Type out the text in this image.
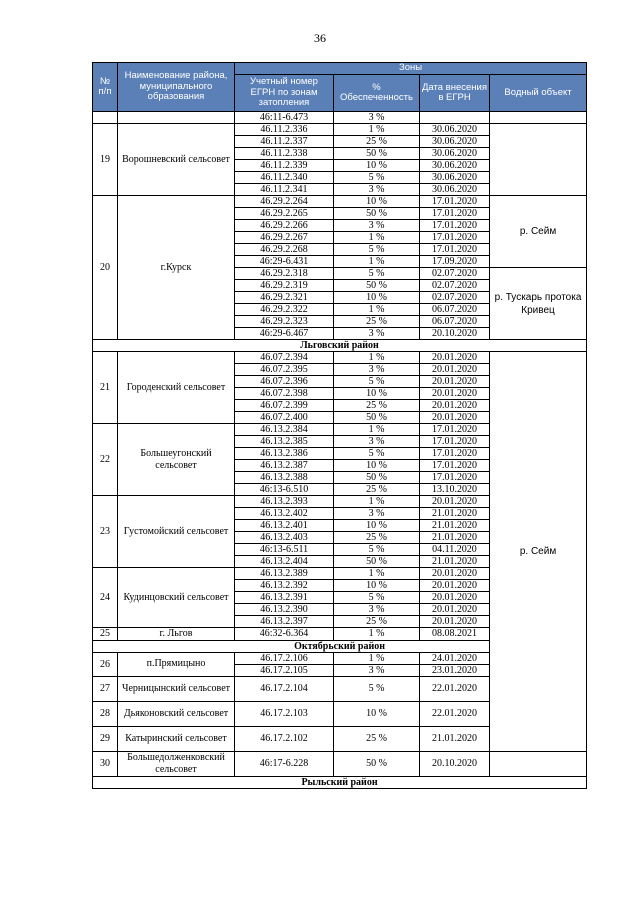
36
№ п/п	Наименование района, муниципального образования	Зоны				
		Учетный номер ЕГРН по зонам затопления	% Обеспеченность	Дата внесения в ЕГРН	Водный объект	
		46:11-6.473	3 %			
19	Ворошневский сельсовет	46.11.2.336	1 %	30.06.2020		
		46.11.2.337	25 %	30.06.2020		
		46.11.2.338	50 %	30.06.2020		
		46.11.2.339	10 %	30.06.2020		
		46.11.2.340	5 %	30.06.2020		
		46.11.2.341	3 %	30.06.2020		
20	г.Курск	46.29.2.264	10 %	17.01.2020	р. Сейм	
		46.29.2.265	50 %	17.01.2020		
		46.29.2.266	3 %	17.01.2020		
		46.29.2.267	1 %	17.01.2020		
		46.29.2.268	5 %	17.01.2020		
		46:29-6.431	1 %	17.09.2020		
		46.29.2.318	5 %	02.07.2020	р. Тускарь протока Кривец	
		46.29.2.319	50 %	02.07.2020		
		46.29.2.321	10 %	02.07.2020		
		46.29.2.322	1 %	06.07.2020		
		46.29.2.323	25 %	06.07.2020		
		46:29-6.467	3 %	20.10.2020		
Льговский район						
21	Городенский сельсовет	46.07.2.394	1 %	20.01.2020	р. Сейм	
		46.07.2.395	3 %	20.01.2020		
		46.07.2.396	5 %	20.01.2020		
		46.07.2.398	10 %	20.01.2020		
		46.07.2.399	25 %	20.01.2020		
		46.07.2.400	50 %	20.01.2020		
22	Большеугонский сельсовет	46.13.2.384	1 %	17.01.2020		
		46.13.2.385	3 %	17.01.2020		
		46.13.2.386	5 %	17.01.2020		
		46.13.2.387	10 %	17.01.2020		
		46.13.2.388	50 %	17.01.2020		
		46:13-6.510	25 %	13.10.2020		
23	Густомойский сельсовет	46.13.2.393	1 %	20.01.2020		
		46.13.2.402	3 %	21.01.2020		
		46.13.2.401	10 %	21.01.2020		
		46.13.2.403	25 %	21.01.2020		
		46:13-6.511	5 %	04.11.2020		
		46.13.2.404	50 %	21.01.2020		
24	Кудинцовский сельсовет	46.13.2.389	1 %	20.01.2020		
		46.13.2.392	10 %	20.01.2020		
		46.13.2.391	5 %	20.01.2020		
		46.13.2.390	3 %	20.01.2020		
		46.13.2.397	25 %	20.01.2020		
25	г. Льгов	46:32-6.364	1 %	08.08.2021		
Октябрьский район						
26	п.Прямицыно	46.17.2.106	1 %	24.01.2020	
		46.17.2.105	3 %	23.01.2020		
27	Черницынский сельсовет	46.17.2.104	5 %	22.01.2020		
28	Дьяконовский сельсовет	46.17.2.103	10 %	22.01.2020		
29	Катыринский сельсовет	46.17.2.102	25 %	21.01.2020		
30	Большедолженковский сельсовет	46:17-6.228	50 %	20.10.2020		
Рыльский район						
